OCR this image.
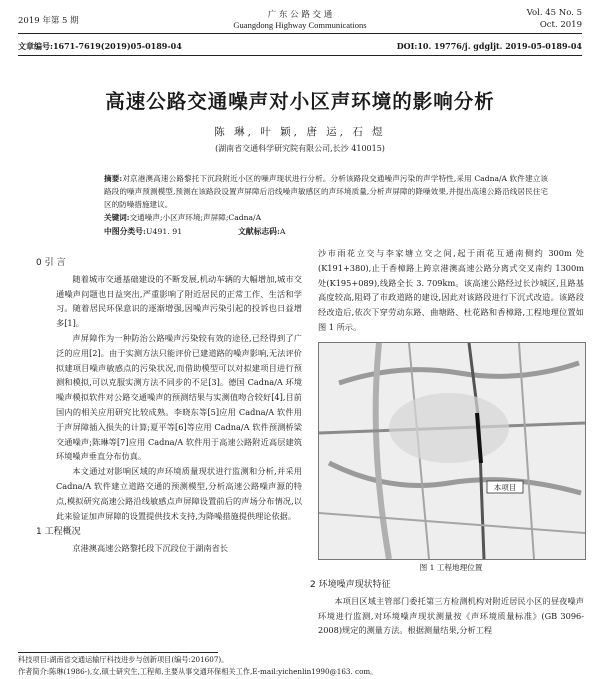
2019 年第 5 期
广 东 公 路 交 通
Guangdong Highway Communications
Vol. 45 No. 5
Oct. 2019
文章编号:1671-7619(2019)05-0189-04	DOI:10. 19776/j. gdgljt. 2019-05-0189-04
高速公路交通噪声对小区声环境的影响分析
陈 琳, 叶 颖, 唐 运, 石 煜
(湖南省交通科学研究院有限公司,长沙 410015)
摘要:对京港澳高速公路黎托下沉段附近小区的噪声现状进行分析。分析该路段交通噪声污染的声学特性,采用 Cadna/A 软件建立该路段的噪声预测模型,预测在该路段设置声屏障后沿线噪声敏感区的声环境质量,分析声屏障的降噪效果,并提出高速公路沿线居民住宅区的防噪措施建议。
关键词:交通噪声;小区声环境;声屏障;Cadna/A
中图分类号:U491. 91	文献标志码:A
0 引 言

随着城市交通基础建设的不断发展,机动车辆的大幅增加,城市交通噪声问题也日益突出,严重影响了附近居民的正常工作、生活和学习。随着居民环保意识的逐渐增强,因噪声污染引起的投诉也日益增多[1]。

声屏障作为一种防治公路噪声污染较有效的途径,已经得到了广泛的应用[2]。由于实测方法只能评价已建道路的噪声影响,无法评价拟建项目噪声敏感点的污染状况,而借助模型可以对拟建项目进行预测和模拟,可以克服实测方法不同步的不足[3]。德国 Cadna/A 环境噪声模拟软件对公路交通噪声的预测结果与实测值吻合较好[4],目前国内的相关应用研究比较成熟。李晓东等[5]应用 Cadna/A 软件用于声屏障插入损失的计算;夏平等[6]等应用 Cadna/A 软件预测桥梁交通噪声;陈琳等[7]应用 Cadna/A 软件用于高速公路附近高层建筑环境噪声垂直分布仿真。

本文通过对影响区域的声环境质量现状进行监测和分析,并采用 Cadna/A 软件建立道路交通的预测模型,分析高速公路噪声源的特点,模拟研究高速公路沿线敏感点声屏障设置前后的声场分布情况,以此来验证加声屏障的设置提供技术支持,为降噪措施提供理论依据。

1 工程概况

京港澳高速公路黎托段下沉段位于湖南省长

沙市雨花立交与李家塘立交之间,起于雨花互通南侧约 300m 处(K191+380),止于香樟路上跨京港澳高速公路分离式交叉南约 1300m 处(K195+089),线路全长 3. 709km。该高速公路经过长沙城区,且路基高度较高,阻碍了市政道路的建设,因此对该路段进行下沉式改造。该路段经改造后,依次下穿劳动东路、曲塘路、杜花路和香樟路,工程地理位置如图 1 所示。

本项目
图 1 工程地理位置
2 环境噪声现状特征

本项目区域主管部门委托第三方检测机构对附近居民小区的昼夜噪声环境进行监测,对环境噪声现状测量按《声环境质量标准》(GB 3096-2008)规定的测量方法。根据测量结果,分析工程

科技项目:湖南省交通运输厅科技进步与创新项目(编号:201607)。
作者简介:陈琳(1986-),女,硕士研究生,工程师,主要从事交通环保相关工作,E-mail:yichenlin1990@163. com。
